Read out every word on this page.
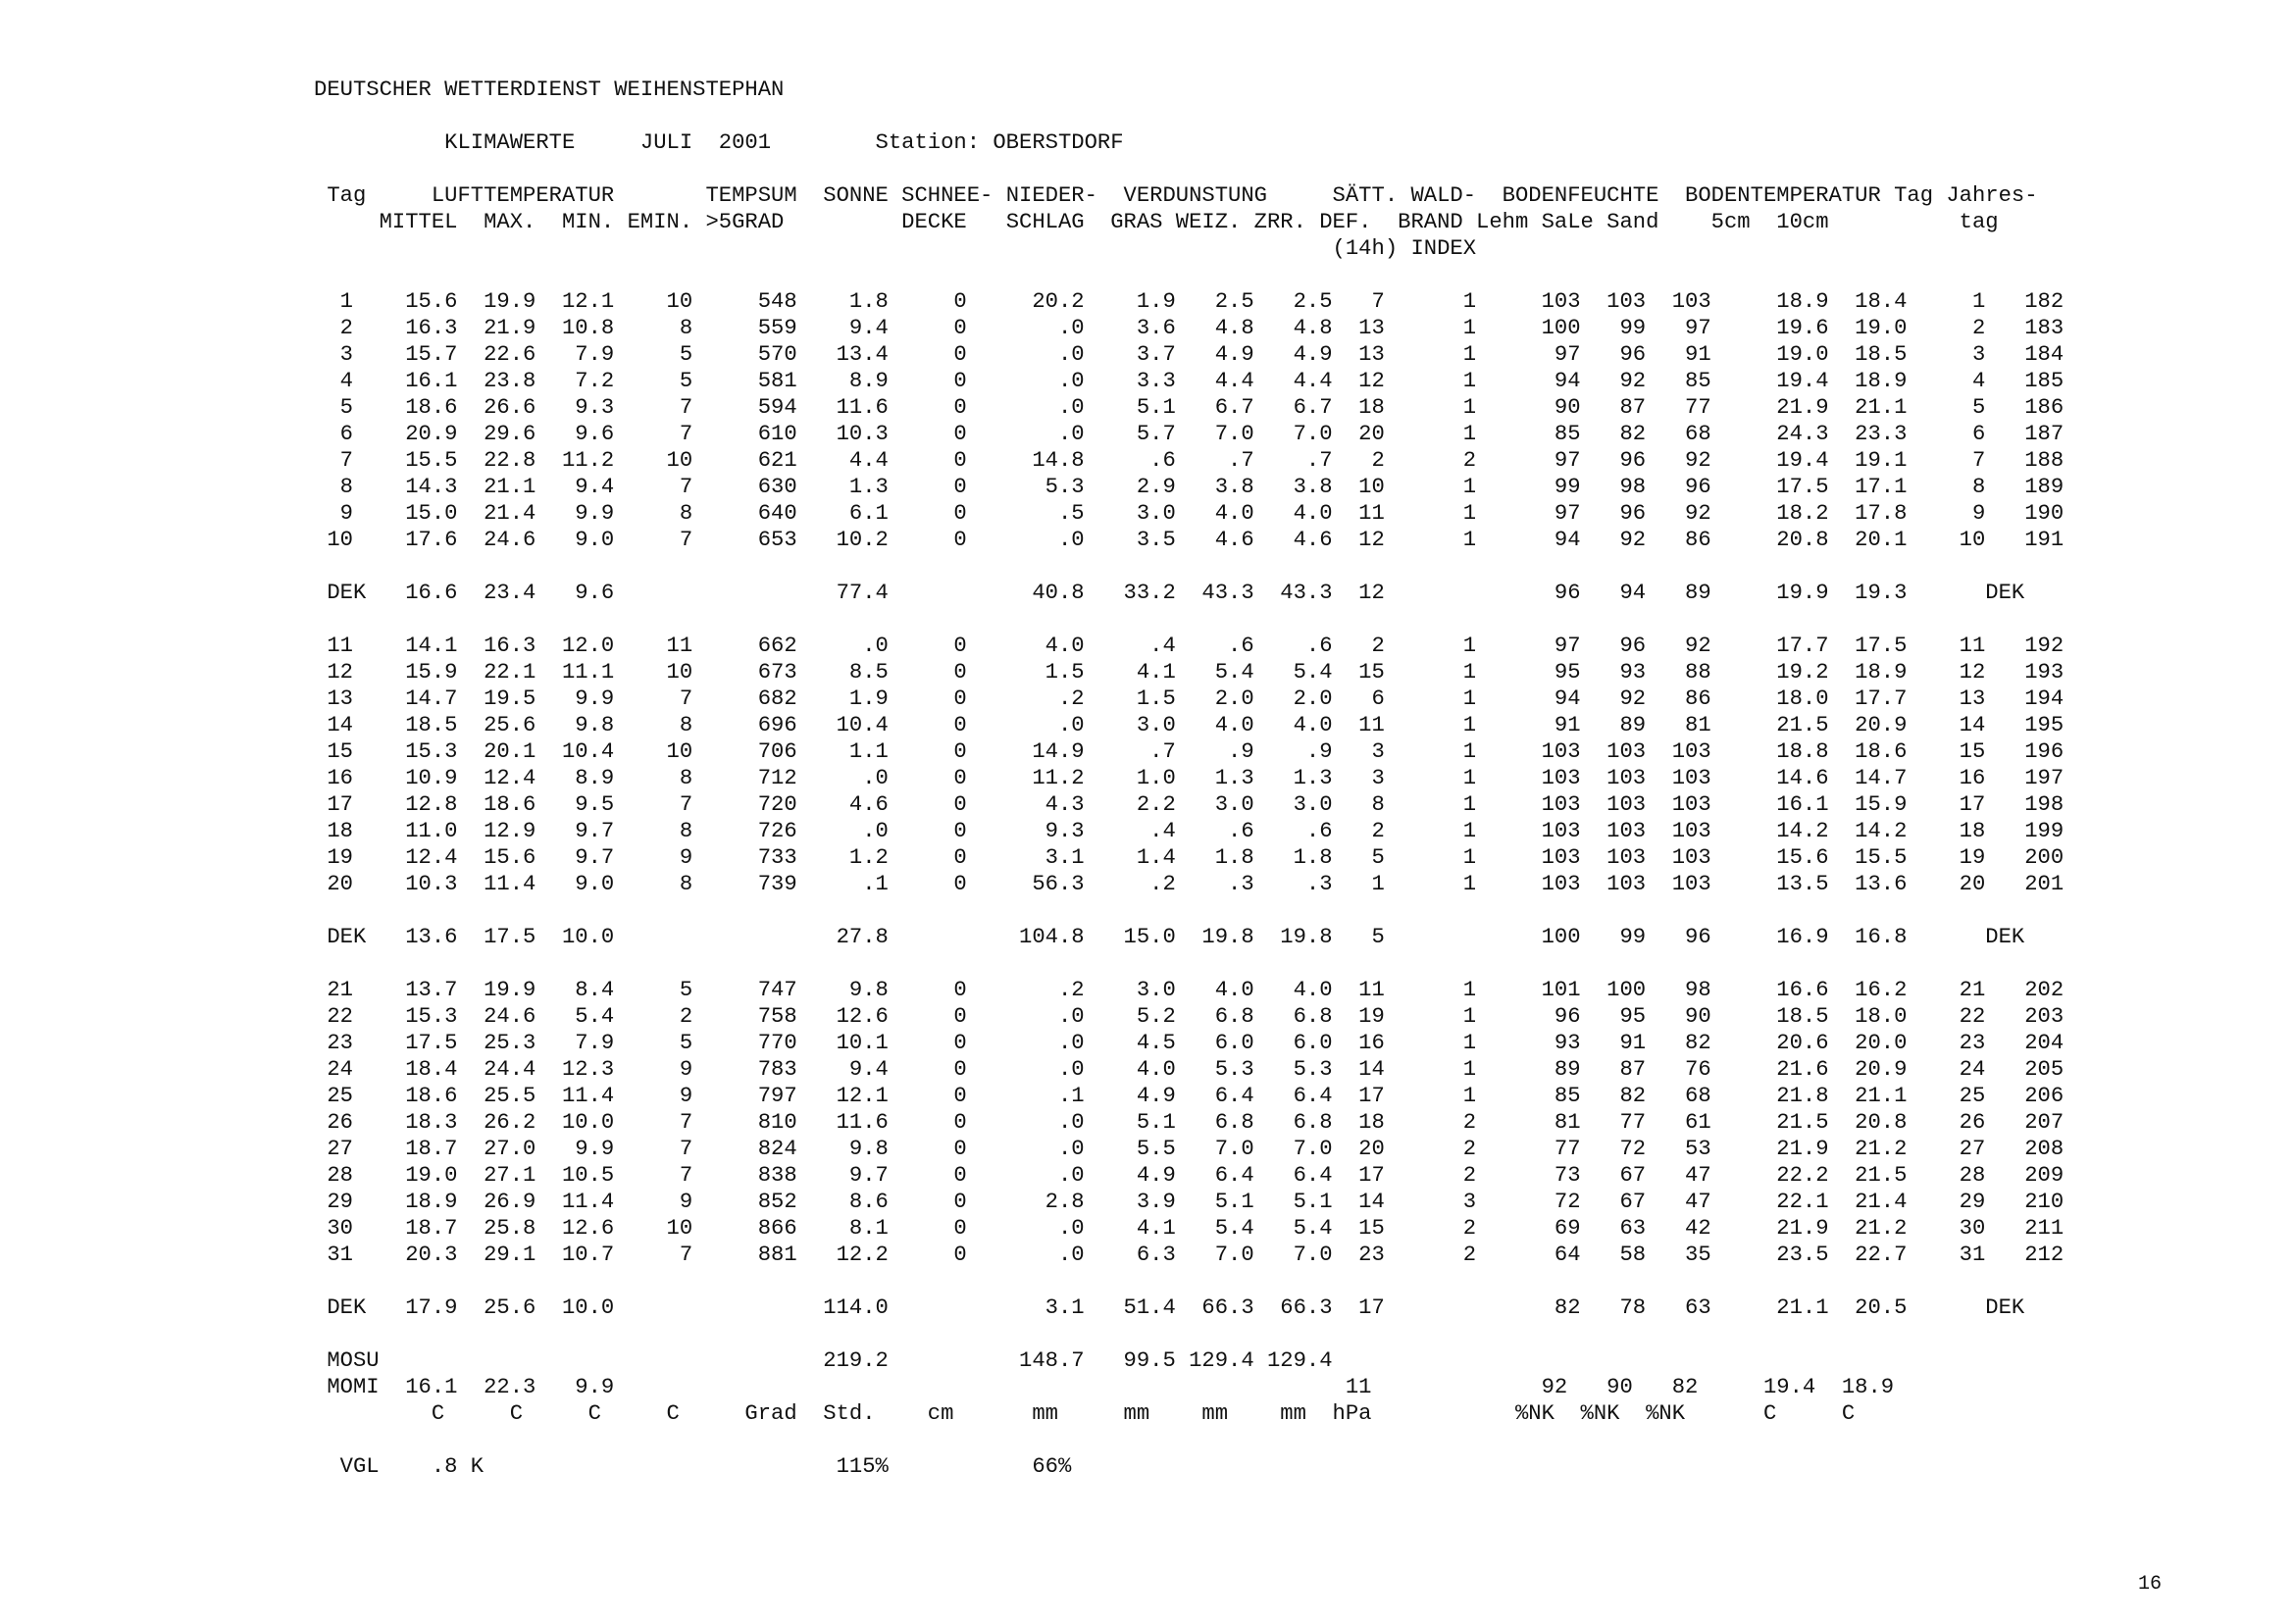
DEUTSCHER WETTERDIENST WEIHENSTEPHAN
KLIMAWERTE     JULI  2001        Station: OBERSTDORF
Tag     LUFTTEMPERATUR       TEMPSUM  SONNE SCHNEE- NIEDER-  VERDUNSTUNG     SÄTT. WALD-  BODENFEUCHTE  BODENTEMPERATUR Tag Jahres-
MITTEL  MAX.  MIN. EMIN. >5GRAD         DECKE   SCHLAG  GRAS WEIZ. ZRR. DEF.  BRAND Lehm SaLe Sand    5cm  10cm          tag
(14h) INDEX

1    15.6  19.9  12.1    10     548    1.8     0     20.2    1.9   2.5   2.5   7      1     103  103  103     18.9  18.4     1   182
2    16.3  21.9  10.8     8     559    9.4     0       .0    3.6   4.8   4.8  13      1     100   99   97     19.6  19.0     2   183
3    15.7  22.6   7.9     5     570   13.4     0       .0    3.7   4.9   4.9  13      1      97   96   91     19.0  18.5     3   184
4    16.1  23.8   7.2     5     581    8.9     0       .0    3.3   4.4   4.4  12      1      94   92   85     19.4  18.9     4   185
5    18.6  26.6   9.3     7     594   11.6     0       .0    5.1   6.7   6.7  18      1      90   87   77     21.9  21.1     5   186
6    20.9  29.6   9.6     7     610   10.3     0       .0    5.7   7.0   7.0  20      1      85   82   68     24.3  23.3     6   187
7    15.5  22.8  11.2    10     621    4.4     0     14.8     .6    .7    .7   2      2      97   96   92     19.4  19.1     7   188
8    14.3  21.1   9.4     7     630    1.3     0      5.3    2.9   3.8   3.8  10      1      99   98   96     17.5  17.1     8   189
9    15.0  21.4   9.9     8     640    6.1     0       .5    3.0   4.0   4.0  11      1      97   96   92     18.2  17.8     9   190
10    17.6  24.6   9.0     7     653   10.2     0       .0    3.5   4.6   4.6  12      1      94   92   86     20.8  20.1    10   191

DEK   16.6  23.4   9.6                 77.4           40.8   33.2  43.3  43.3  12             96   94   89     19.9  19.3      DEK

11    14.1  16.3  12.0    11     662     .0     0      4.0     .4    .6    .6   2      1      97   96   92     17.7  17.5    11   192
12    15.9  22.1  11.1    10     673    8.5     0      1.5    4.1   5.4   5.4  15      1      95   93   88     19.2  18.9    12   193
13    14.7  19.5   9.9     7     682    1.9     0       .2    1.5   2.0   2.0   6      1      94   92   86     18.0  17.7    13   194
14    18.5  25.6   9.8     8     696   10.4     0       .0    3.0   4.0   4.0  11      1      91   89   81     21.5  20.9    14   195
15    15.3  20.1  10.4    10     706    1.1     0     14.9     .7    .9    .9   3      1     103  103  103     18.8  18.6    15   196
16    10.9  12.4   8.9     8     712     .0     0     11.2    1.0   1.3   1.3   3      1     103  103  103     14.6  14.7    16   197
17    12.8  18.6   9.5     7     720    4.6     0      4.3    2.2   3.0   3.0   8      1     103  103  103     16.1  15.9    17   198
18    11.0  12.9   9.7     8     726     .0     0      9.3     .4    .6    .6   2      1     103  103  103     14.2  14.2    18   199
19    12.4  15.6   9.7     9     733    1.2     0      3.1    1.4   1.8   1.8   5      1     103  103  103     15.6  15.5    19   200
20    10.3  11.4   9.0     8     739     .1     0     56.3     .2    .3    .3   1      1     103  103  103     13.5  13.6    20   201

DEK   13.6  17.5  10.0                 27.8          104.8   15.0  19.8  19.8   5            100   99   96     16.9  16.8      DEK

21    13.7  19.9   8.4     5     747    9.8     0       .2    3.0   4.0   4.0  11      1     101  100   98     16.6  16.2    21   202
22    15.3  24.6   5.4     2     758   12.6     0       .0    5.2   6.8   6.8  19      1      96   95   90     18.5  18.0    22   203
23    17.5  25.3   7.9     5     770   10.1     0       .0    4.5   6.0   6.0  16      1      93   91   82     20.6  20.0    23   204
24    18.4  24.4  12.3     9     783    9.4     0       .0    4.0   5.3   5.3  14      1      89   87   76     21.6  20.9    24   205
25    18.6  25.5  11.4     9     797   12.1     0       .1    4.9   6.4   6.4  17      1      85   82   68     21.8  21.1    25   206
26    18.3  26.2  10.0     7     810   11.6     0       .0    5.1   6.8   6.8  18      2      81   77   61     21.5  20.8    26   207
27    18.7  27.0   9.9     7     824    9.8     0       .0    5.5   7.0   7.0  20      2      77   72   53     21.9  21.2    27   208
28    19.0  27.1  10.5     7     838    9.7     0       .0    4.9   6.4   6.4  17      2      73   67   47     22.2  21.5    28   209
29    18.9  26.9  11.4     9     852    8.6     0      2.8    3.9   5.1   5.1  14      3      72   67   47     22.1  21.4    29   210
30    18.7  25.8  12.6    10     866    8.1     0       .0    4.1   5.4   5.4  15      2      69   63   42     21.9  21.2    30   211
31    20.3  29.1  10.7     7     881   12.2     0       .0    6.3   7.0   7.0  23      2      64   58   35     23.5  22.7    31   212

DEK   17.9  25.6  10.0                114.0            3.1   51.4  66.3  66.3  17             82   78   63     21.1  20.5      DEK

MOSU                                  219.2          148.7   99.5 129.4 129.4
MOMI  16.1  22.3   9.9                                                        11             92   90   82     19.4  18.9
C     C     C     C     Grad  Std.    cm      mm     mm    mm    mm  hPa           %NK  %NK  %NK      C     C

VGL    .8 K                           115%           66%
16
